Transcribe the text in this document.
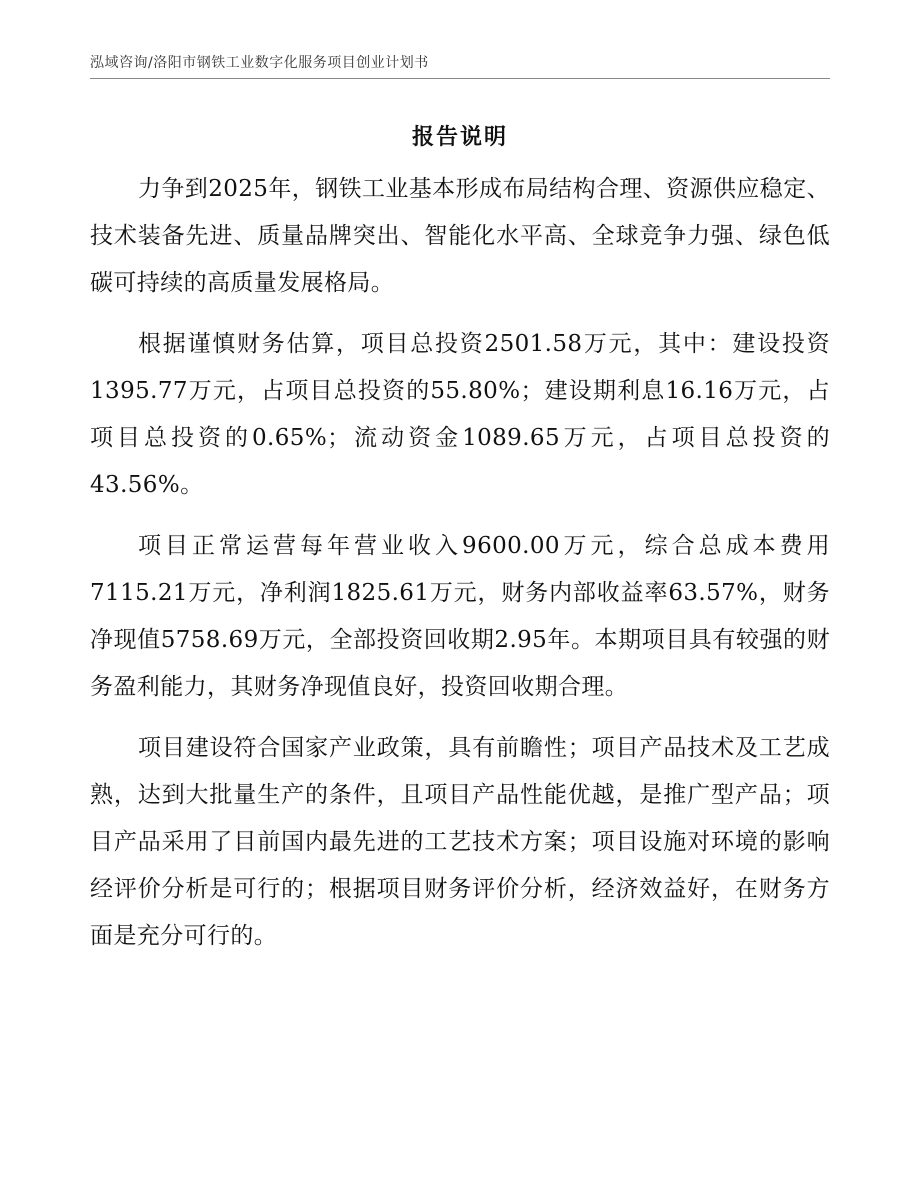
泓域咨询/洛阳市钢铁工业数字化服务项目创业计划书
报告说明

力争到2025年，钢铁工业基本形成布局结构合理、资源供应稳定、技术装备先进、质量品牌突出、智能化水平高、全球竞争力强、绿色低碳可持续的高质量发展格局。

根据谨慎财务估算，项目总投资2501.58万元，其中：建设投资1395.77万元，占项目总投资的55.80%；建设期利息16.16万元，占项目总投资的0.65%；流动资金1089.65万元，占项目总投资的43.56%。

项目正常运营每年营业收入9600.00万元，综合总成本费用7115.21万元，净利润1825.61万元，财务内部收益率63.57%，财务净现值5758.69万元，全部投资回收期2.95年。本期项目具有较强的财务盈利能力，其财务净现值良好，投资回收期合理。

项目建设符合国家产业政策，具有前瞻性；项目产品技术及工艺成熟，达到大批量生产的条件，且项目产品性能优越，是推广型产品；项目产品采用了目前国内最先进的工艺技术方案；项目设施对环境的影响经评价分析是可行的；根据项目财务评价分析，经济效益好，在财务方面是充分可行的。
